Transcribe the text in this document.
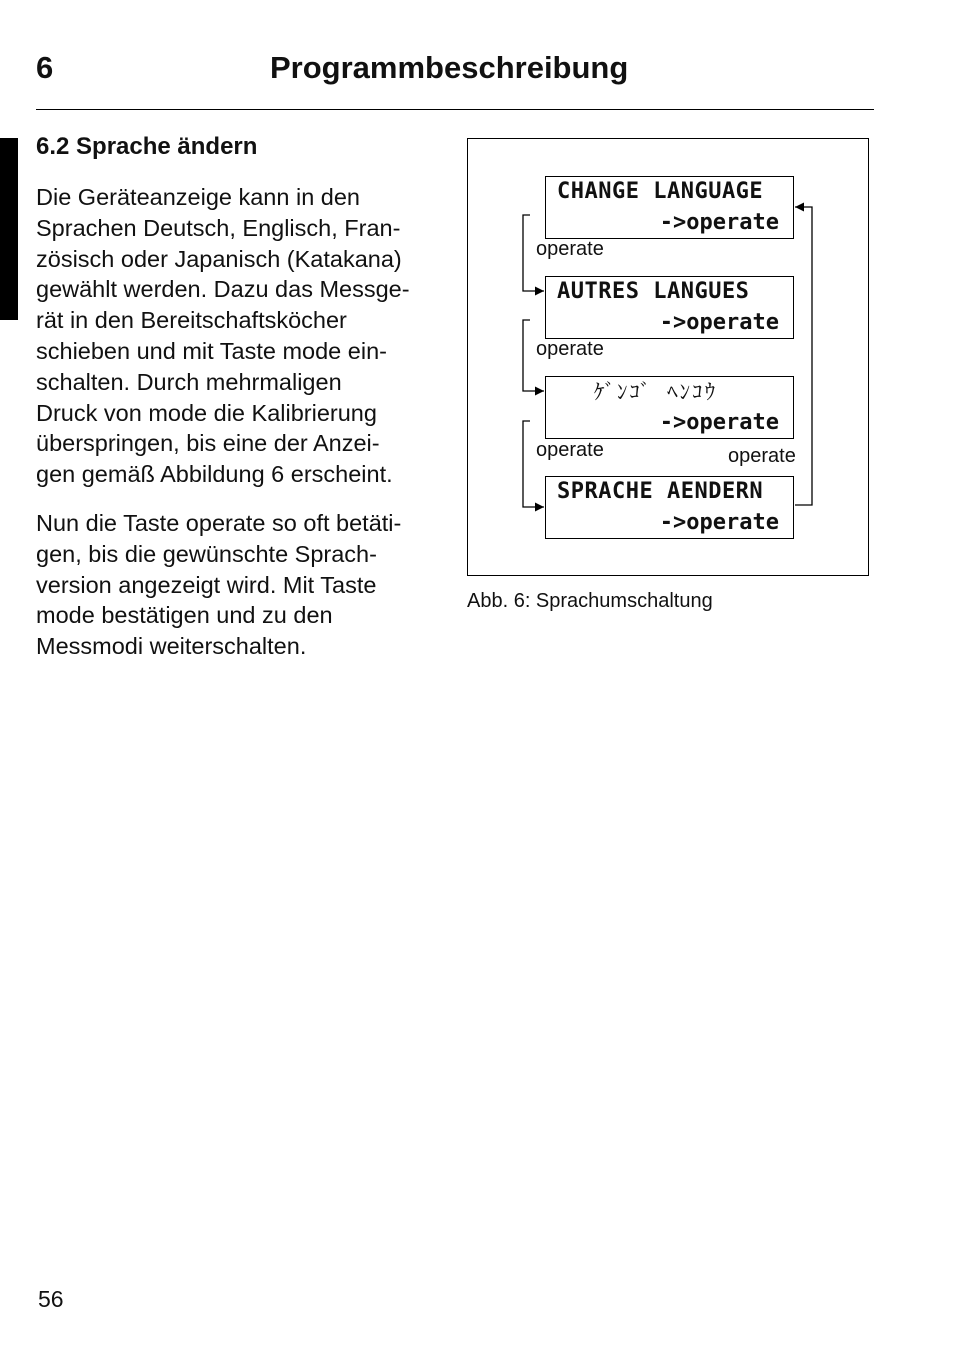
6	Programmbeschreibung
6.2 Sprache ändern

Die Geräteanzeige kann in den
Sprachen Deutsch, Englisch, Fran-
zösisch oder Japanisch (Katakana)
gewählt werden. Dazu das Messge-
rät in den Bereitschaftsköcher
schieben und mit Taste mode ein-
schalten. Durch mehrmaligen
Druck von mode die Kalibrierung
überspringen, bis eine der Anzei-
gen gemäß Abbildung 6 erscheint.

Nun die Taste operate so oft betäti-
gen, bis die gewünschte Sprach-
version angezeigt wird. Mit Taste
mode bestätigen und zu den
Messmodi weiterschalten.

CHANGE LANGUAGE
->operate
AUTRES LANGUES
->operate
ｹﾞﾝｺﾞ ﾍﾝｺｳ
->operate
SPRACHE AENDERN
->operate
operate
operate
operate	operate
Abb. 6: Sprachumschaltung
56
